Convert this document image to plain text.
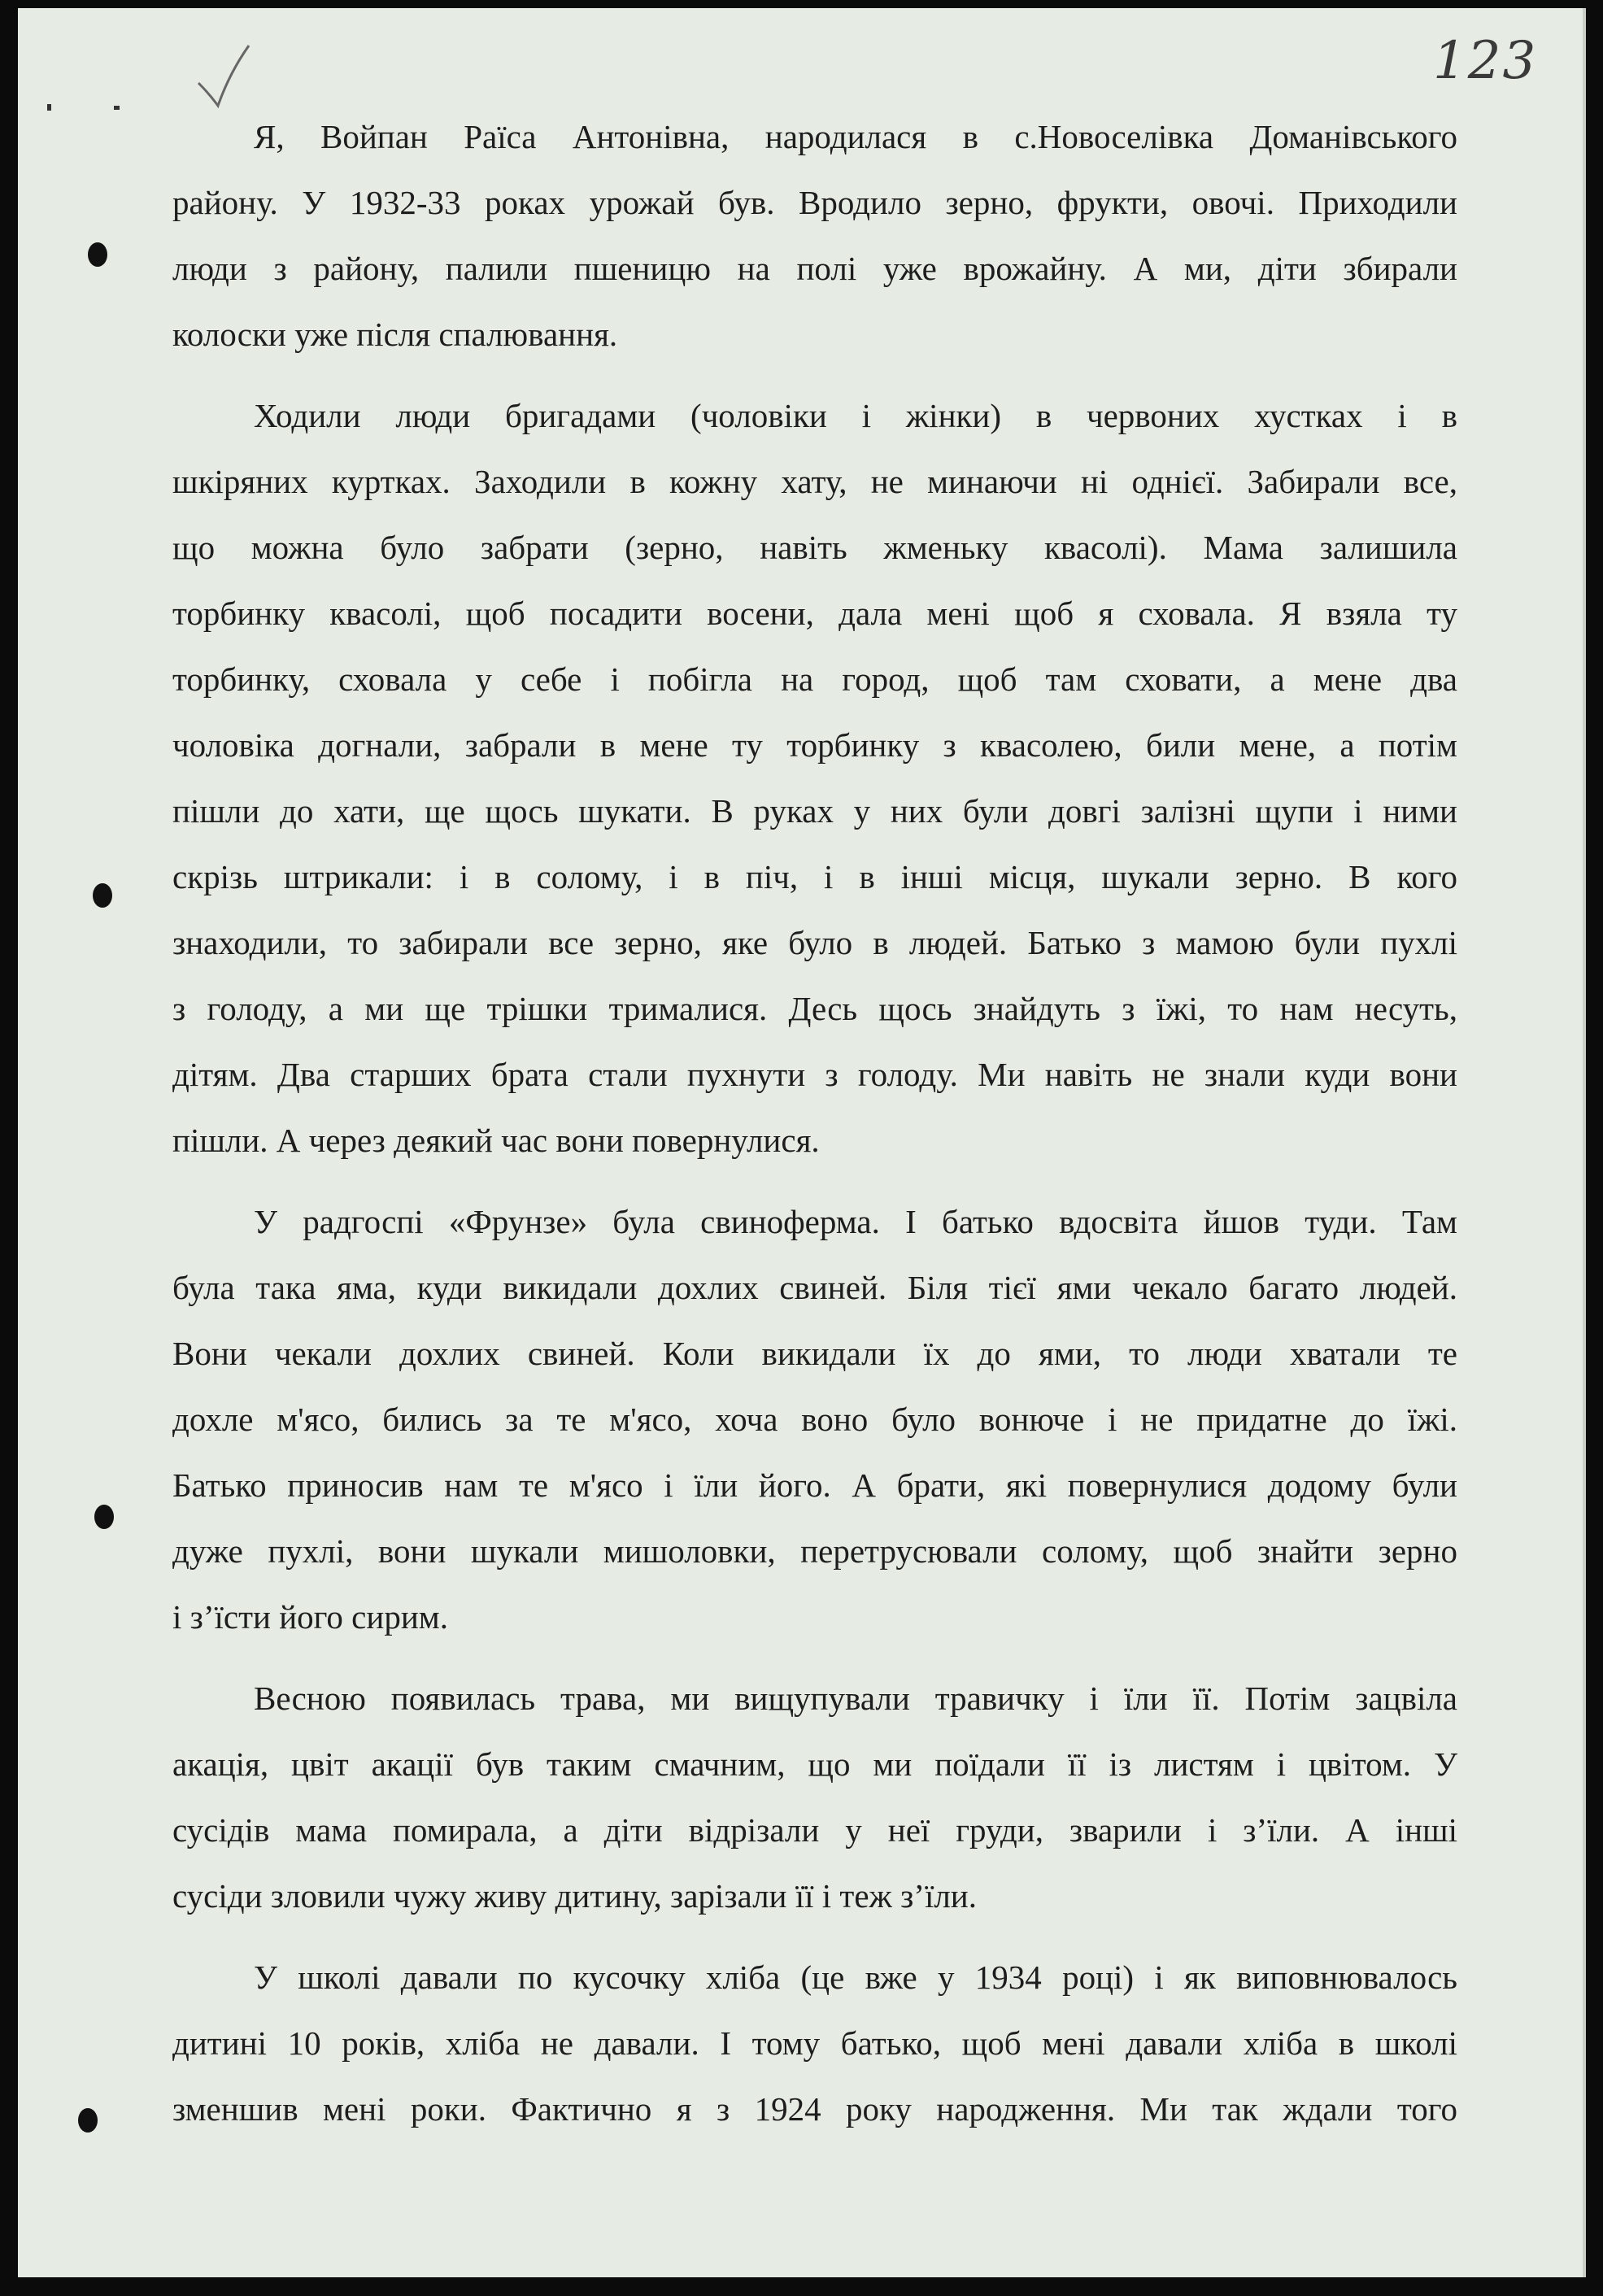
123
Я, Войпан Раїса Антонівна, народилася в с.Новоселівка Доманівського
району. У 1932-33 роках урожай був. Вродило зерно, фрукти, овочі. Приходили
люди з району, палили пшеницю на полі уже врожайну. А ми, діти збирали
колоски уже після спалювання.
Ходили люди бригадами (чоловіки і жінки) в червоних хустках і в
шкіряних куртках. Заходили в кожну хату, не минаючи ні однієї. Забирали все,
що можна було забрати (зерно, навіть жменьку квасолі). Мама залишила
торбинку квасолі, щоб посадити восени, дала мені щоб я сховала. Я взяла ту
торбинку, сховала у себе і побігла на город, щоб там сховати, а мене два
чоловіка догнали, забрали в мене ту торбинку з квасолею, били мене, а потім
пішли до хати, ще щось шукати. В руках у них були довгі залізні щупи і ними
скрізь штрикали: і в солому, і в піч, і в інші місця, шукали зерно. В кого
знаходили, то забирали все зерно, яке було в людей. Батько з мамою були пухлі
з голоду, а ми ще трішки трималися. Десь щось знайдуть з їжі, то нам несуть,
дітям. Два старших брата стали пухнути з голоду. Ми навіть не знали куди вони
пішли. А через деякий час вони повернулися.
У радгоспі «Фрунзе» була свиноферма. І батько вдосвіта йшов туди. Там
була така яма, куди викидали дохлих свиней. Біля тієї ями чекало багато людей.
Вони чекали дохлих свиней. Коли викидали їх до ями, то люди хватали те
дохле м'ясо, бились за те м'ясо, хоча воно було вонюче і не придатне до їжі.
Батько приносив нам те м'ясо і їли його. А брати, які повернулися додому були
дуже пухлі, вони шукали мишоловки, перетрусювали солому, щоб знайти зерно
і з’їсти його сирим.
Весною появилась трава, ми вищупували травичку і їли її. Потім зацвіла
акація, цвіт акації був таким смачним, що ми поїдали її із листям і цвітом. У
сусідів мама помирала, а діти відрізали у неї груди, зварили і з’їли. А інші
сусіди зловили чужу живу дитину, зарізали її і теж з’їли.
У школі давали по кусочку хліба (це вже у 1934 році) і як виповнювалось
дитині 10 років, хліба не давали. І тому батько, щоб мені давали хліба в школі
зменшив мені роки. Фактично я з 1924 року народження. Ми так ждали того
